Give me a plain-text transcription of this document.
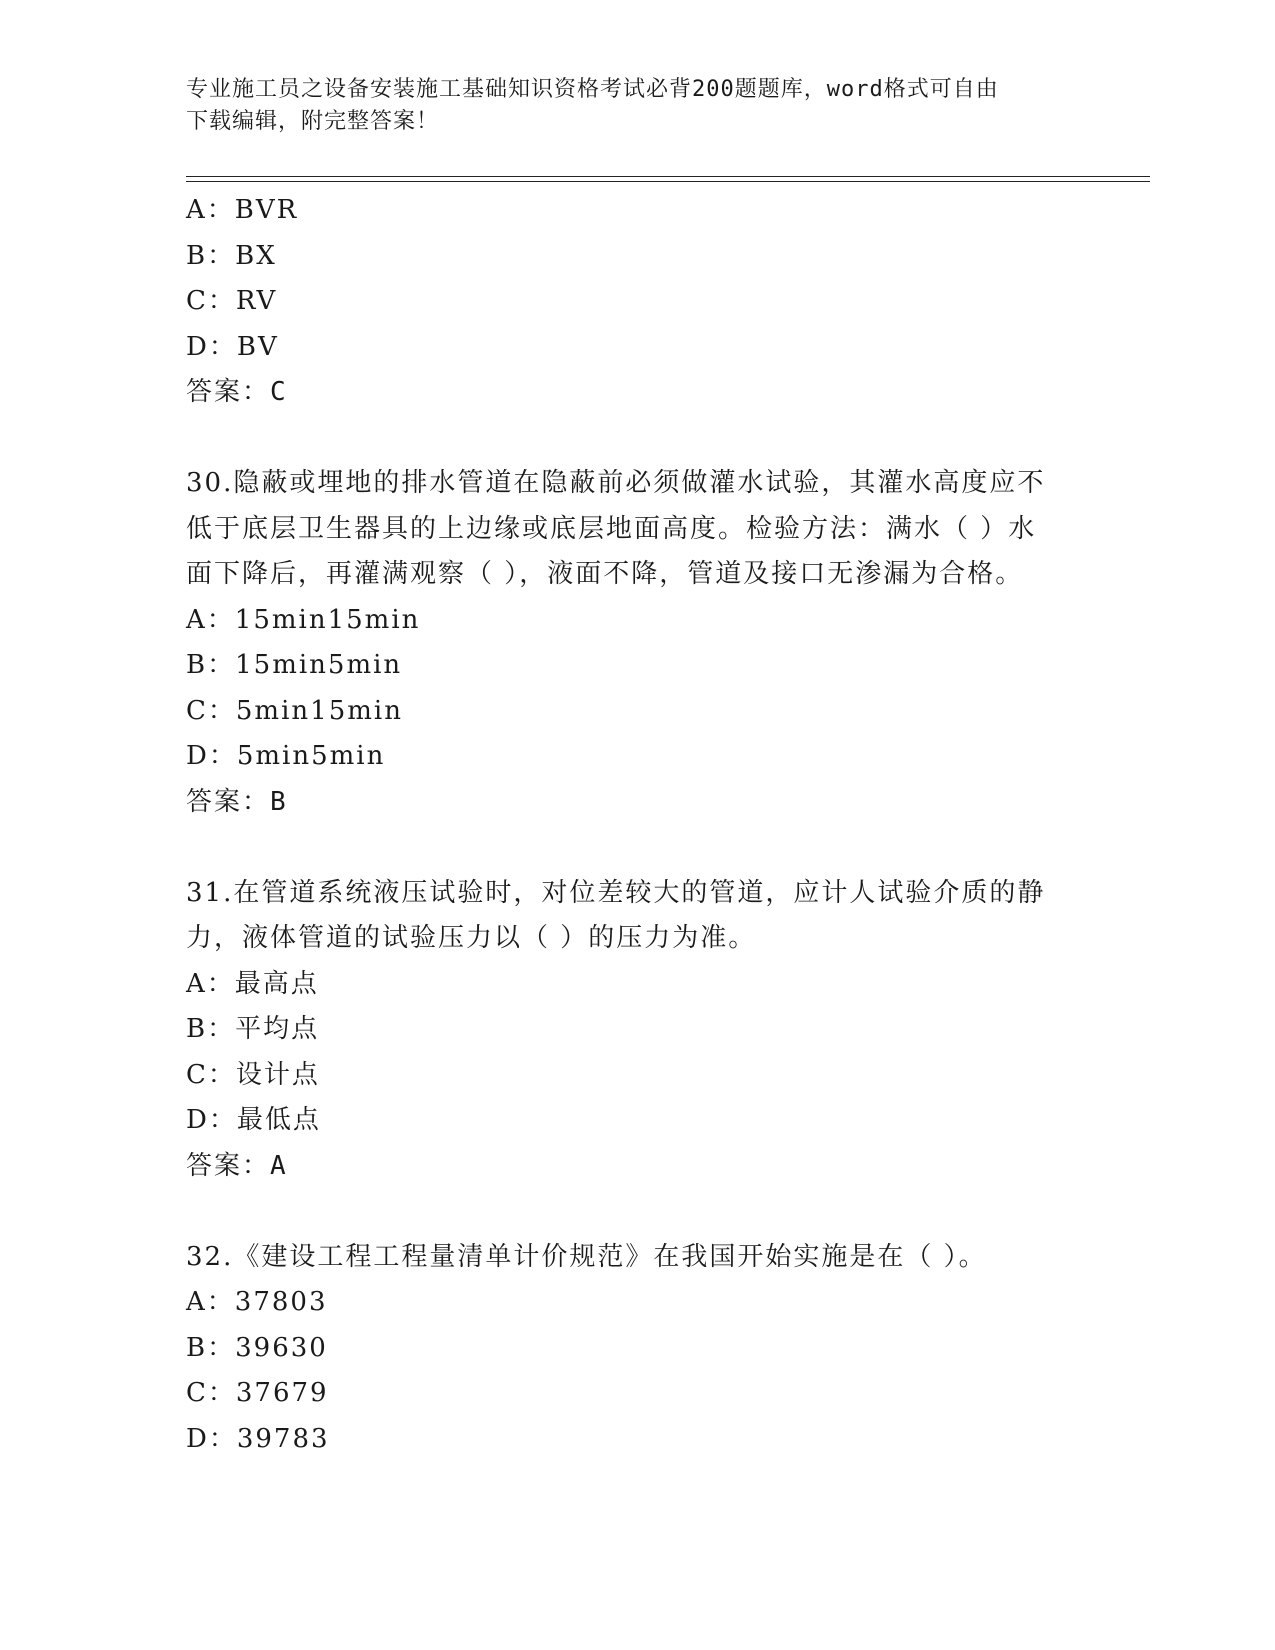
专业施工员之设备安装施工基础知识资格考试必背200题题库，word格式可自由
下载编辑，附完整答案！
A：BVR
B：BX
C：RV
D：BV
答案：C
30.隐蔽或埋地的排水管道在隐蔽前必须做灌水试验，其灌水高度应不
低于底层卫生器具的上边缘或底层地面高度。检验方法：满水（ ）水
面下降后，再灌满观察（ ），液面不降，管道及接口无渗漏为合格。
A：15min15min
B：15min5min
C：5min15min
D：5min5min
答案：B
31.在管道系统液压试验时，对位差较大的管道，应计人试验介质的静
力，液体管道的试验压力以（ ）的压力为准。
A：最高点
B：平均点
C：设计点
D：最低点
答案：A
32.《建设工程工程量清单计价规范》在我国开始实施是在（ ）。
A：37803
B：39630
C：37679
D：39783
